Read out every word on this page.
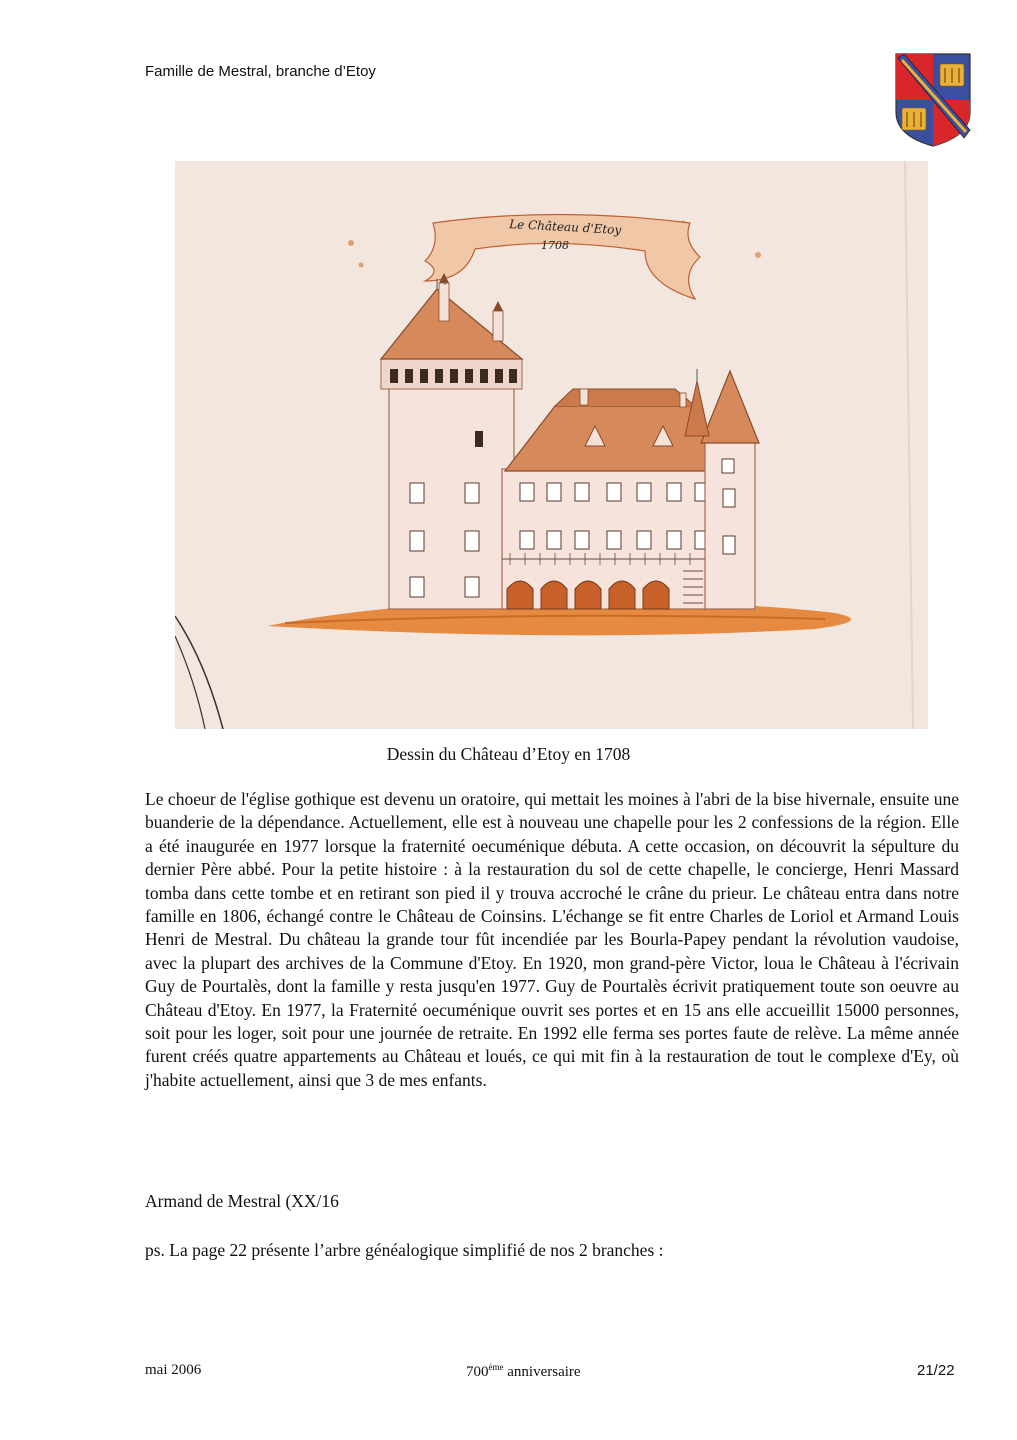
Famille de Mestral, branche d’Etoy
Le Château d'Etoy
1708
Dessin du Château d’Etoy en 1708

Le choeur de l'église gothique est devenu un oratoire, qui mettait les moines à l'abri de la bise hivernale, ensuite une buanderie de la dépendance. Actuellement, elle est à nouveau une chapelle pour les 2 confessions de la région. Elle a été inaugurée en 1977 lorsque la fraternité oecuménique débuta. A cette occasion, on découvrit la sépulture du dernier Père abbé. Pour la petite histoire : à la restauration du sol de cette chapelle, le concierge, Henri Massard tomba dans cette tombe et en retirant son pied il y trouva accroché le crâne du prieur. Le château entra dans notre famille en 1806, échangé contre le Château de Coinsins. L'échange se fit entre Charles de Loriol et Armand Louis Henri de Mestral. Du château la grande tour fût incendiée par les Bourla-Papey pendant la révolution vaudoise, avec la plupart des archives de la Commune d'Etoy. En 1920, mon grand-père Victor, loua le Château à l'écrivain Guy de Pourtalès, dont la famille y resta jusqu'en 1977. Guy de Pourtalès écrivit pratiquement toute son oeuvre au Château d'Etoy. En 1977, la Fraternité oecuménique ouvrit ses portes et en 15 ans elle accueillit 15000 personnes, soit pour les loger, soit pour une journée de retraite. En 1992 elle ferma ses portes faute de relève. La même année furent créés quatre appartements au Château et loués, ce qui mit fin à la restauration de tout le complexe d'Ey, où j'habite actuellement, ainsi que 3 de mes enfants.

Armand de Mestral (XX/16

ps. La page 22 présente l’arbre généalogique simplifié de nos 2 branches :

mai 2006	700ème anniversaire	21/22
